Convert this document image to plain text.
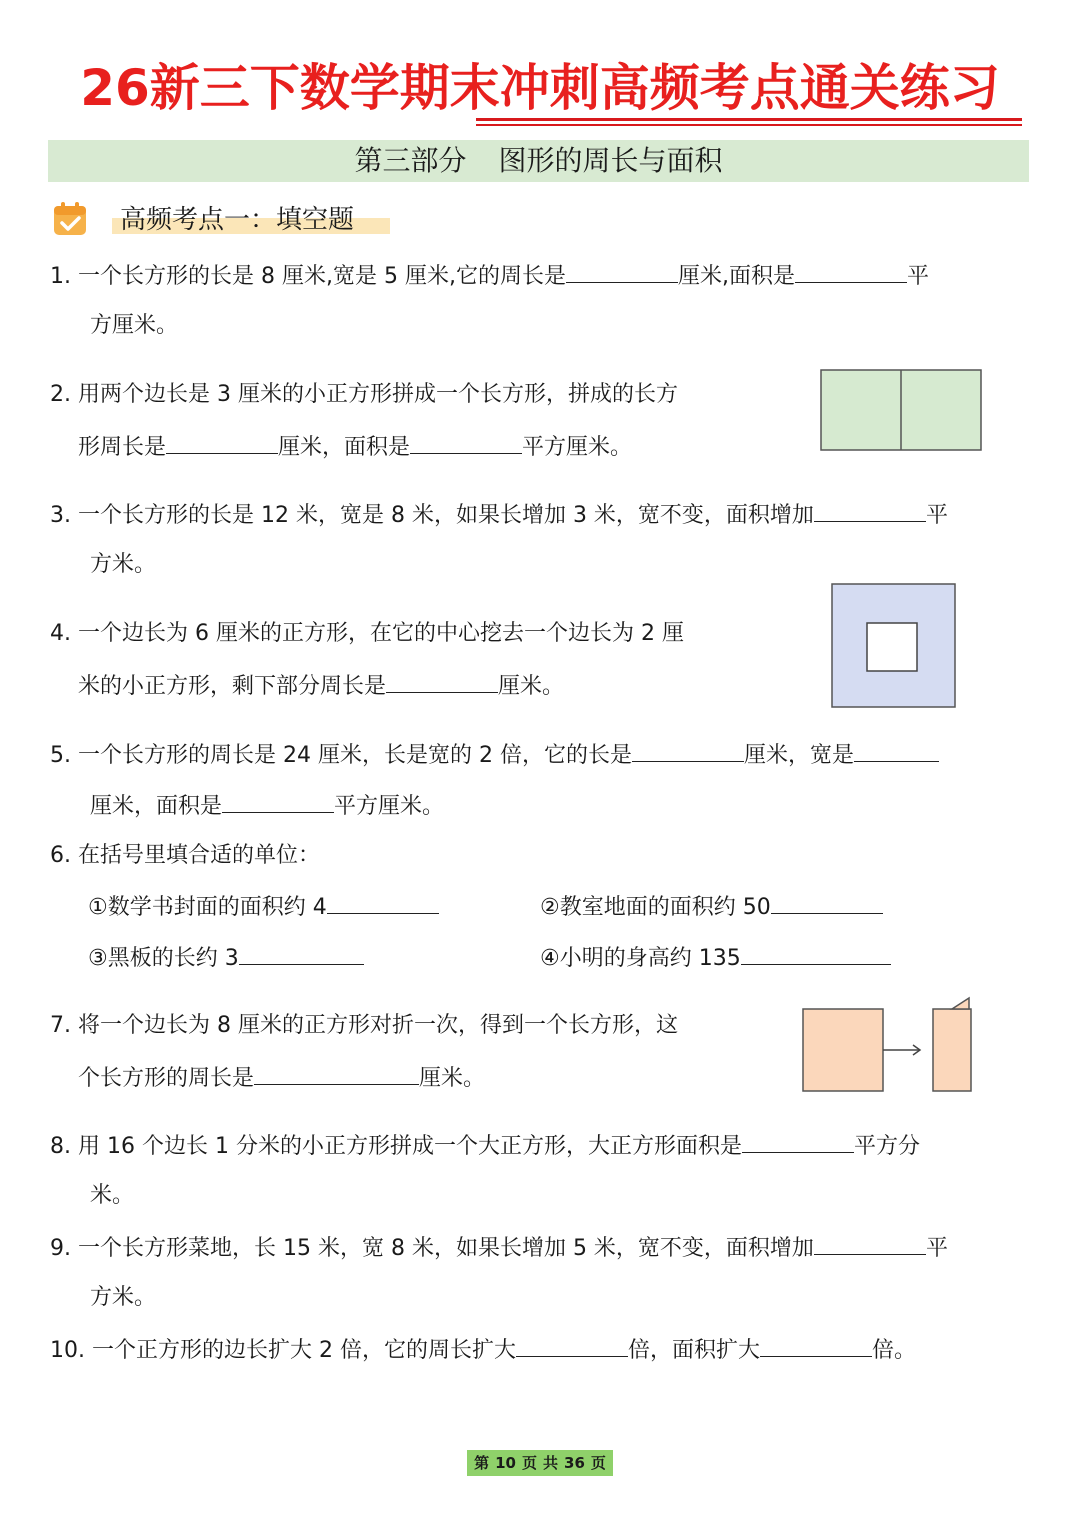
26新三下数学期末冲刺高频考点通关练习
第三部分 图形的周长与面积
高频考点一：填空题
1. 一个长方形的长是 8 厘米,宽是 5 厘米,它的周长是	厘米,面积是	平
方厘米。
2. 用两个边长是 3 厘米的小正方形拼成一个长方形，拼成的长方
形周长是	厘米，面积是	平方厘米。
3. 一个长方形的长是 12 米，宽是 8 米，如果长增加 3 米，宽不变，面积增加	平
方米。
4. 一个边长为 6 厘米的正方形，在它的中心挖去一个边长为 2 厘
米的小正方形，剩下部分周长是	厘米。
5. 一个长方形的周长是 24 厘米，长是宽的 2 倍，它的长是	厘米，宽是
厘米，面积是	平方厘米。
6. 在括号里填合适的单位：
①数学书封面的面积约 4	②教室地面的面积约 50
③黑板的长约 3	④小明的身高约 135
7. 将一个边长为 8 厘米的正方形对折一次，得到一个长方形，这
个长方形的周长是	厘米。
8. 用 16 个边长 1 分米的小正方形拼成一个大正方形，大正方形面积是	平方分
米。
9. 一个长方形菜地，长 15 米，宽 8 米，如果长增加 5 米，宽不变，面积增加	平
方米。
10. 一个正方形的边长扩大 2 倍，它的周长扩大	倍，面积扩大	倍。
第 10 页 共 36 页
